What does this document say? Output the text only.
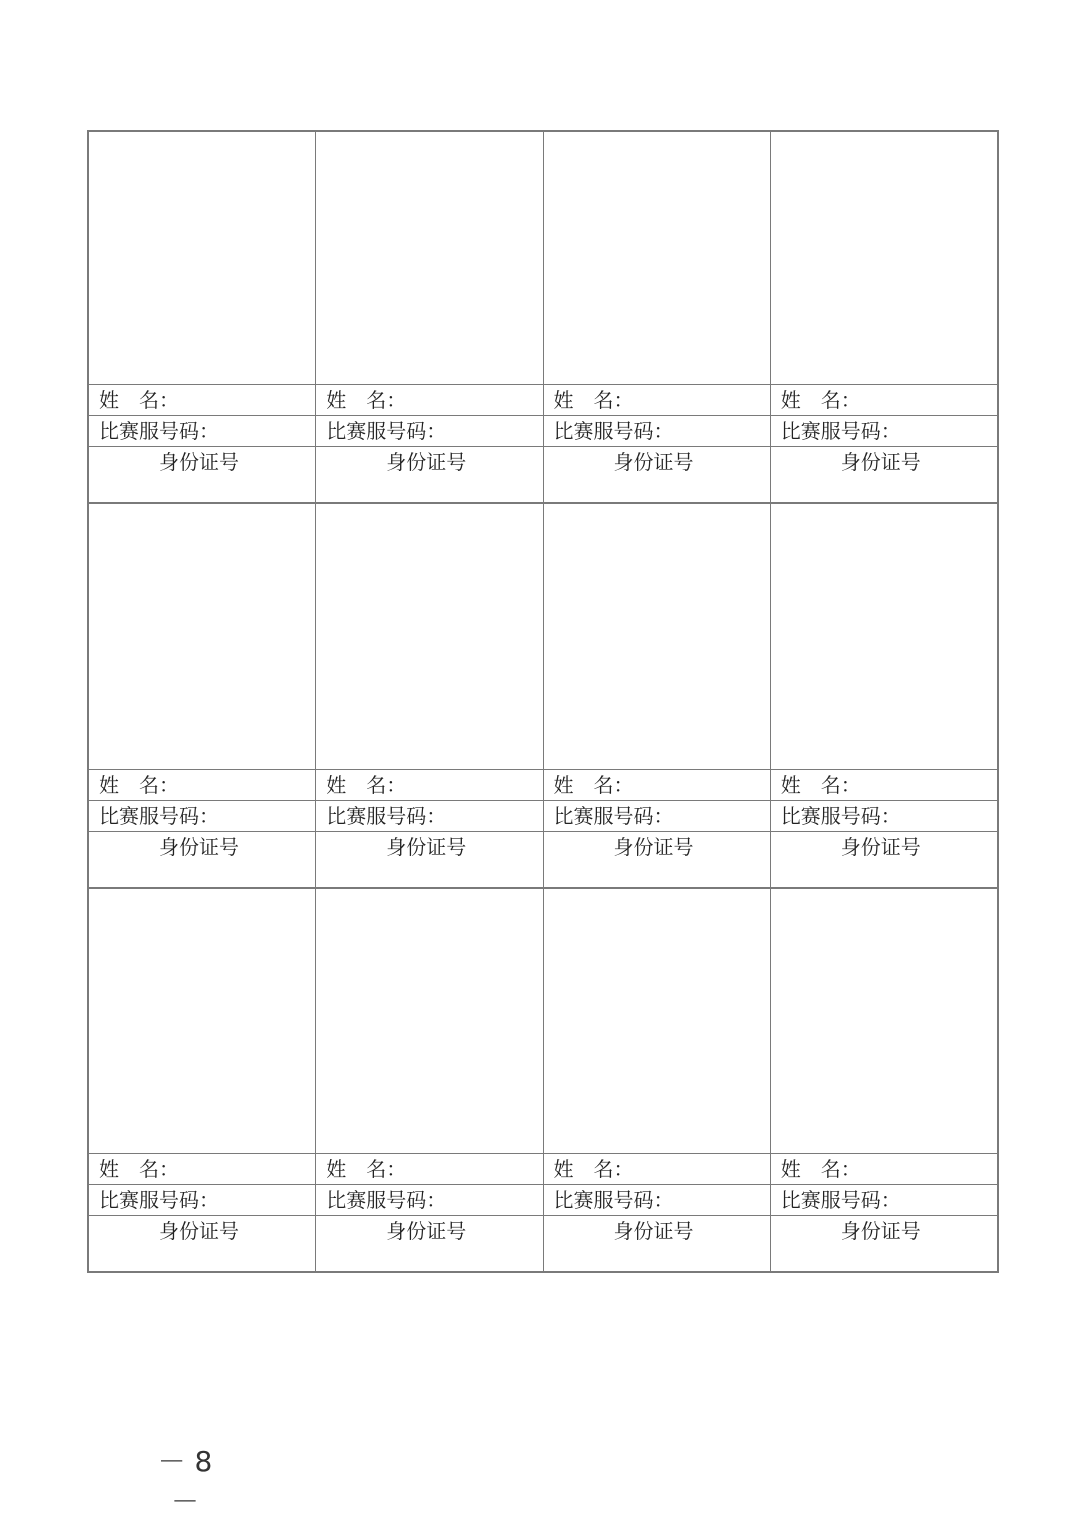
姓　名：
比赛服号码：
身份证号
姓　名：
比赛服号码：
身份证号
姓　名：
比赛服号码：
身份证号
姓　名：
比赛服号码：
身份证号
姓　名：
比赛服号码：
身份证号
姓　名：
比赛服号码：
身份证号
姓　名：
比赛服号码：
身份证号
姓　名：
比赛服号码：
身份证号
姓　名：
比赛服号码：
身份证号
姓　名：
比赛服号码：
身份证号
姓　名：
比赛服号码：
身份证号
姓　名：
比赛服号码：
身份证号
－ 8 －
